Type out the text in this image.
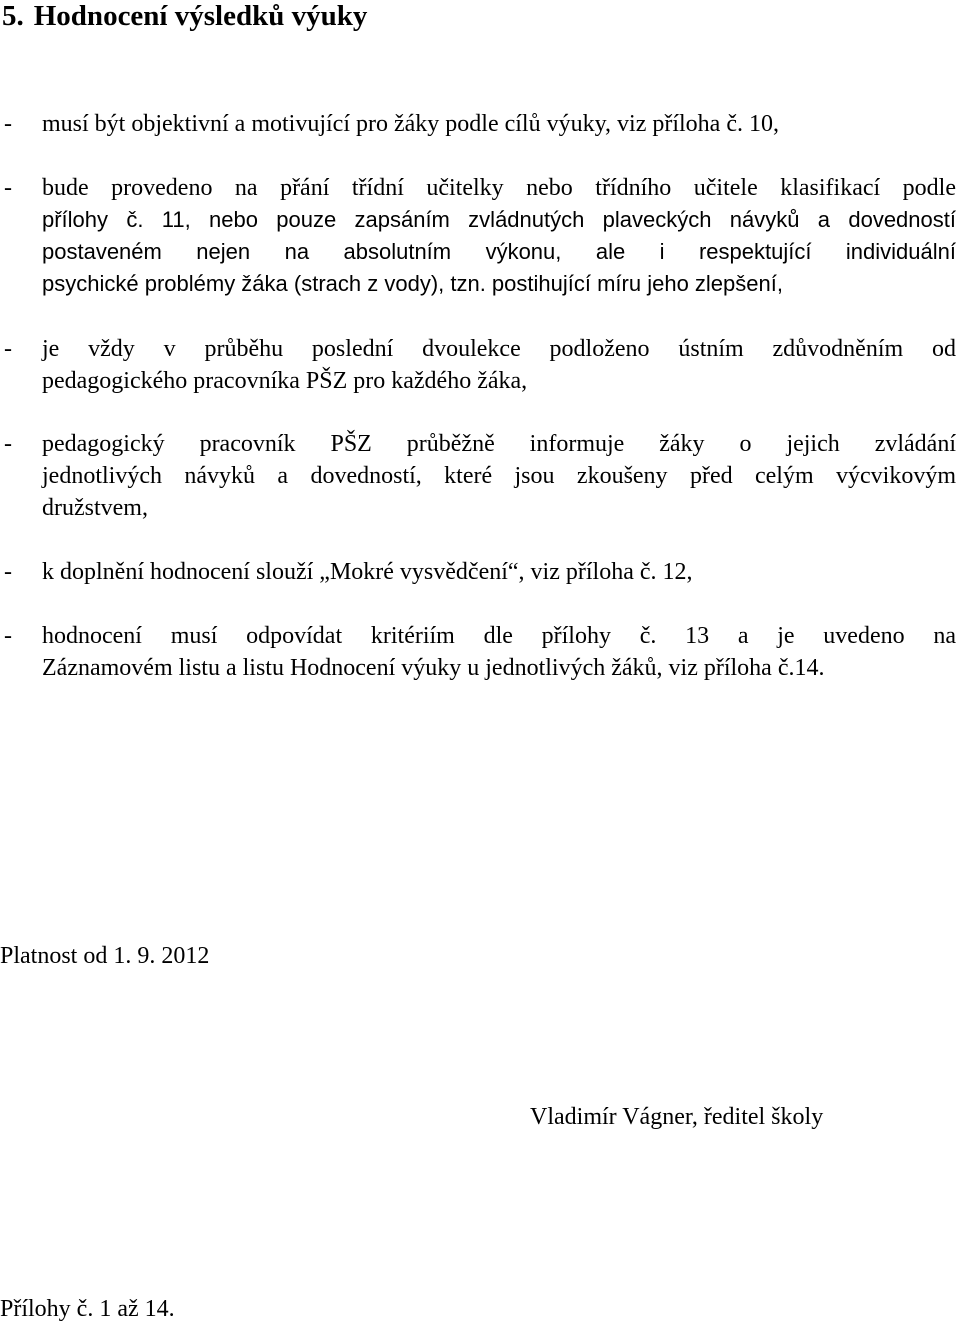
5. Hodnocení výsledků výuky
- musí být objektivní a motivující pro žáky podle cílů výuky, viz příloha č. 10,
- bude provedeno na přání třídní učitelky nebo třídního učitele klasifikací podle
přílohy č. 11, nebo pouze zapsáním zvládnutých plaveckých návyků a dovedností
postaveném nejen na absolutním výkonu, ale i respektující individuální
psychické problémy žáka (strach z vody), tzn. postihující míru jeho zlepšení,
- je vždy v průběhu poslední dvoulekce podloženo ústním zdůvodněním od
pedagogického pracovníka PŠZ pro každého žáka,
- pedagogický pracovník PŠZ průběžně informuje žáky o jejich zvládání
jednotlivých návyků a dovedností, které jsou zkoušeny před celým výcvikovým
družstvem,
- k doplnění hodnocení slouží „Mokré vysvědčení“, viz příloha č. 12,
- hodnocení musí odpovídat kritériím dle přílohy č. 13 a je uvedeno na
Záznamovém listu a listu Hodnocení výuky u jednotlivých žáků, viz příloha č.14.
Platnost od 1. 9. 2012
Vladimír Vágner, ředitel školy
Přílohy č. 1 až 14.
